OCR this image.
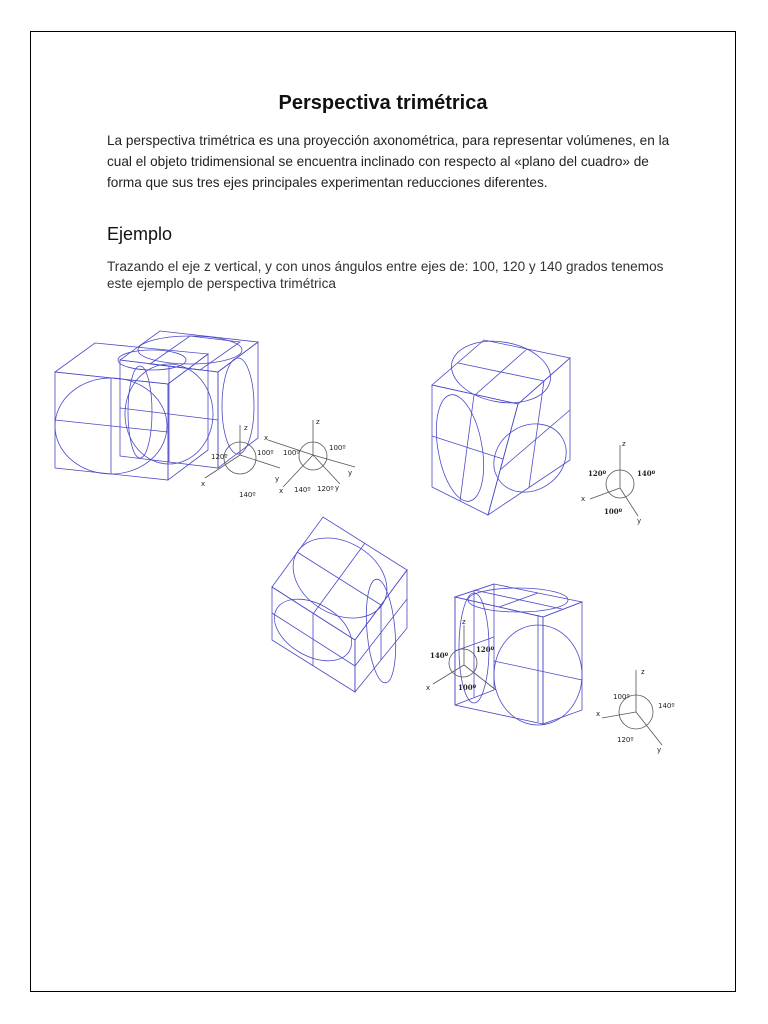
Perspectiva trimétrica
La perspectiva trimétrica es una proyección axonométrica, para representar volúmenes, en la cual el objeto tridimensional se encuentra inclinado con respecto al «plano del cuadro» de forma que sus tres ejes principales experimentan reducciones diferentes.
Ejemplo
Trazando el eje z vertical, y con unos ángulos entre ejes de: 100, 120 y 140 grados tenemos este ejemplo de perspectiva trimétrica
z
x
y
120º	100º
140º
z
x
x
y
y
100º
100º
140º 120º
z
x
y
120º	140º
100º
z
x
140º
120º
100º
z
x
y
100º
140º
120º
